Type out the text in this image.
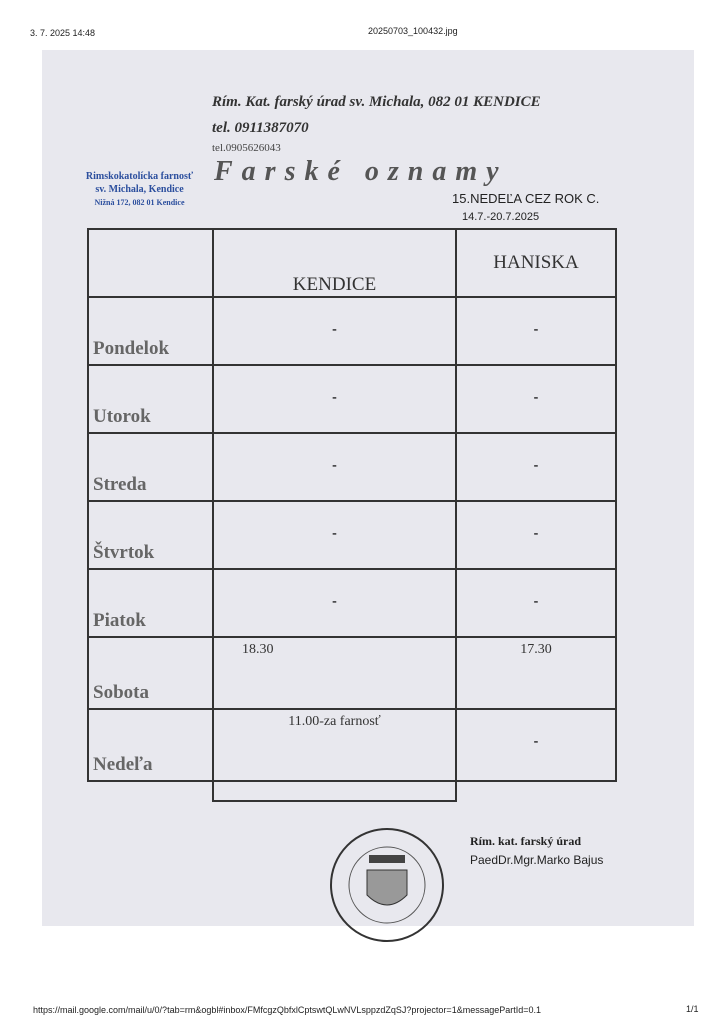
3. 7. 2025 14:48	20250703_100432.jpg
Rím. Kat. farský úrad sv. Michala, 082 01 KENDICE
tel. 0911387070
tel.0905626043
Rimskokatolícka farnosť
sv. Michala, Kendice
Nižná 172, 082 01 Kendice
Farské oznamy
15.NEDEĽA CEZ ROK C.
14.7.-20.7.2025
	KENDICE	HANISKA
Pondelok	-	-

Utorok	-	-

Streda	-	-

Štvrtok	-	-

Piatok	-	-

Sobota	18.30	17.30

Nedeľa	11.00-za farnosť	-

Rím. kat. farský úrad
PaedDr.Mgr.Marko Bajus
https://mail.google.com/mail/u/0/?tab=rm&ogbl#inbox/FMfcgzQbfxlCptswtQLwNVLsppzdZqSJ?projector=1&messagePartId=0.1	1/1
